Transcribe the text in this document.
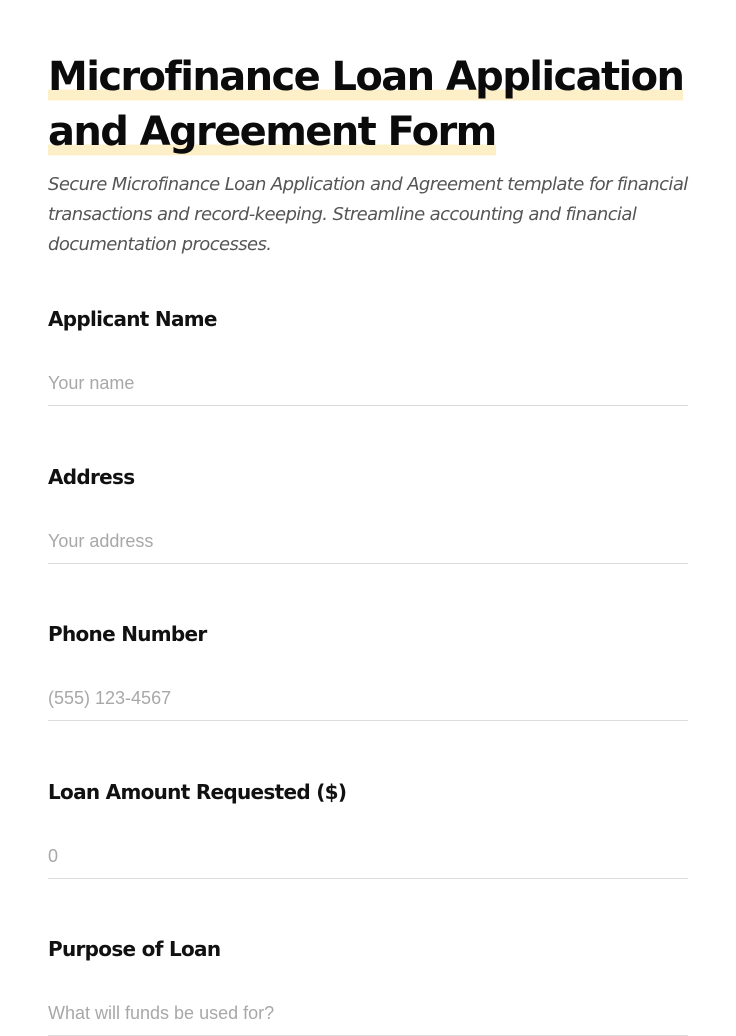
Microfinance Loan Application
and Agreement Form

Secure Microfinance Loan Application and Agreement template for financial transactions and record-keeping. Streamline accounting and financial documentation processes.

Applicant Name
Your name
Address
Your address
Phone Number
(555) 123-4567
Loan Amount Requested ($)
0
Purpose of Loan
What will funds be used for?
